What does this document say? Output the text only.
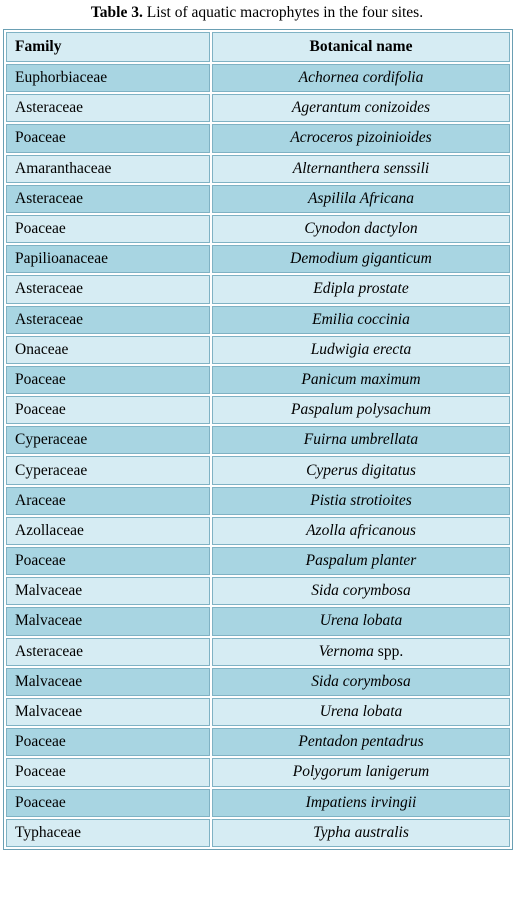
Table 3. List of aquatic macrophytes in the four sites.
Family	Botanical name
Euphorbiaceae	Achornea cordifolia
Asteraceae	Agerantum conizoides
Poaceae	Acroceros pizoinioides
Amaranthaceae	Alternanthera senssili
Asteraceae	Aspilila Africana
Poaceae	Cynodon dactylon
Papilioanaceae	Demodium giganticum
Asteraceae	Edipla prostate
Asteraceae	Emilia coccinia
Onaceae	Ludwigia erecta
Poaceae	Panicum maximum
Poaceae	Paspalum polysachum
Cyperaceae	Fuirna umbrellata
Cyperaceae	Cyperus digitatus
Araceae	Pistia strotioites
Azollaceae	Azolla africanous
Poaceae	Paspalum planter
Malvaceae	Sida corymbosa
Malvaceae	Urena lobata
Asteraceae	Vernoma spp.
Malvaceae	Sida corymbosa
Malvaceae	Urena lobata
Poaceae	Pentadon pentadrus
Poaceae	Polygorum lanigerum
Poaceae	Impatiens irvingii
Typhaceae	Typha australis
